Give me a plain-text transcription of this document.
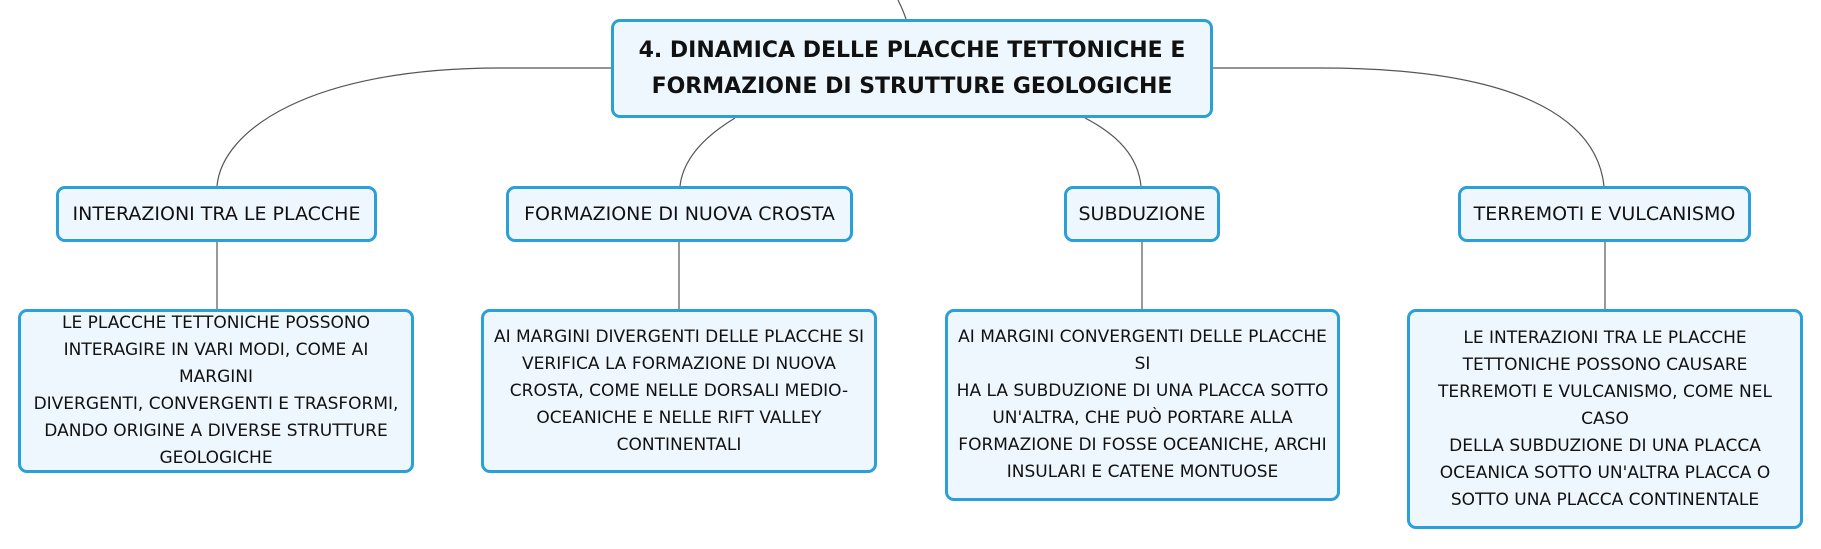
4. DINAMICA DELLE PLACCHE TETTONICHE E
FORMAZIONE DI STRUTTURE GEOLOGICHE
INTERAZIONI TRA LE PLACCHE	FORMAZIONE DI NUOVA CROSTA	SUBDUZIONE	TERREMOTI E VULCANISMO
LE PLACCHE TETTONICHE POSSONO
INTERAGIRE IN VARI MODI, COME AI MARGINI
DIVERGENTI, CONVERGENTI E TRASFORMI,
DANDO ORIGINE A DIVERSE STRUTTURE
GEOLOGICHE
AI MARGINI DIVERGENTI DELLE PLACCHE SI
VERIFICA LA FORMAZIONE DI NUOVA
CROSTA, COME NELLE DORSALI MEDIO-
OCEANICHE E NELLE RIFT VALLEY
CONTINENTALI
AI MARGINI CONVERGENTI DELLE PLACCHE SI
HA LA SUBDUZIONE DI UNA PLACCA SOTTO
UN'ALTRA, CHE PUÒ PORTARE ALLA
FORMAZIONE DI FOSSE OCEANICHE, ARCHI
INSULARI E CATENE MONTUOSE
LE INTERAZIONI TRA LE PLACCHE
TETTONICHE POSSONO CAUSARE
TERREMOTI E VULCANISMO, COME NEL CASO
DELLA SUBDUZIONE DI UNA PLACCA
OCEANICA SOTTO UN'ALTRA PLACCA O
SOTTO UNA PLACCA CONTINENTALE
